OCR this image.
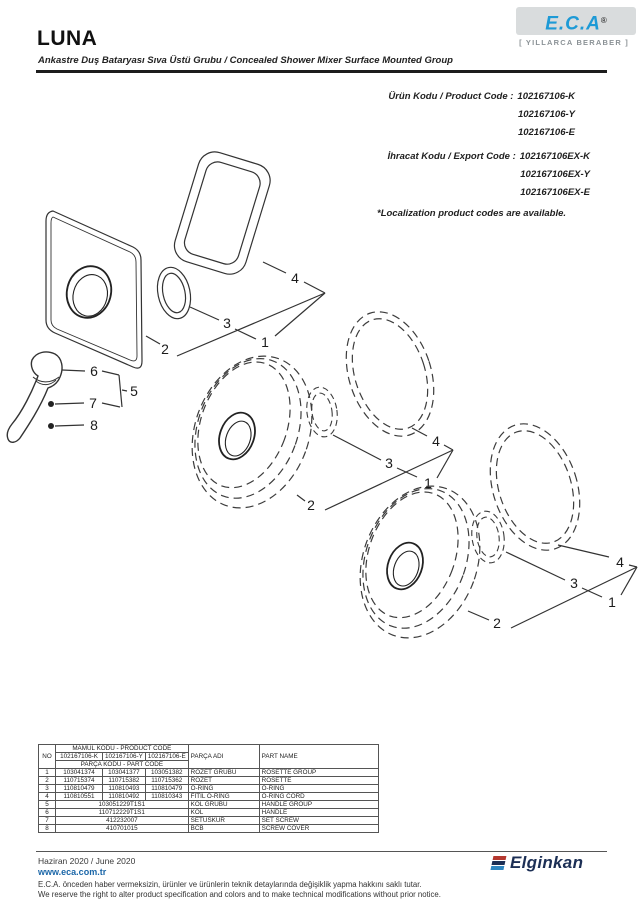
LUNA
Ankastre Duş Bataryası Sıva Üstü Grubu / Concealed Shower Mixer Surface Mounted Group
E.C.A®
[ YILLARCA BERABER ]
Ürün Kodu / Product Code : 102167106-K
102167106-Y
102167106-E
İhracat Kodu / Export Code : 102167106EX-K
102167106EX-Y
102167106EX-E
*Localization product codes are available.
2
3
1
4
6
5
7
8
2
3
1
4
2
3
1
4
NO	MAMUL KODU - PRODUCT CODE			PARÇA ADI	PART NAME
	102167106-K	102167106-Y	102167106-E		
	PARÇA KODU - PART CODE				
1	103041374	103041377	103051382	ROZET GRUBU	ROSETTE GROUP
2	110715374	110715382	110715362	ROZET	ROSETTE
3	110810479	110810493	110810479	O-RİNG	O-RING
4	110810551	110810492	110810343	FİTİL O-RİNG	O-RING CORD
5	103051229T1S1			KOL GRUBU	HANDLE GROUP
6	110712229T1S1			KOL	HANDLE
7	412232007			SETUSKUR	SET SCREW
8	410701015			BCB	SCREW COVER
Haziran 2020 / June 2020
www.eca.com.tr
E.C.A. önceden haber vermeksizin, ürünler ve ürünlerin teknik detaylarında değişiklik yapma hakkını saklı tutar.
We reserve the right to alter product specification and colors and to make technical modifications without prior notice.
Elginkan
